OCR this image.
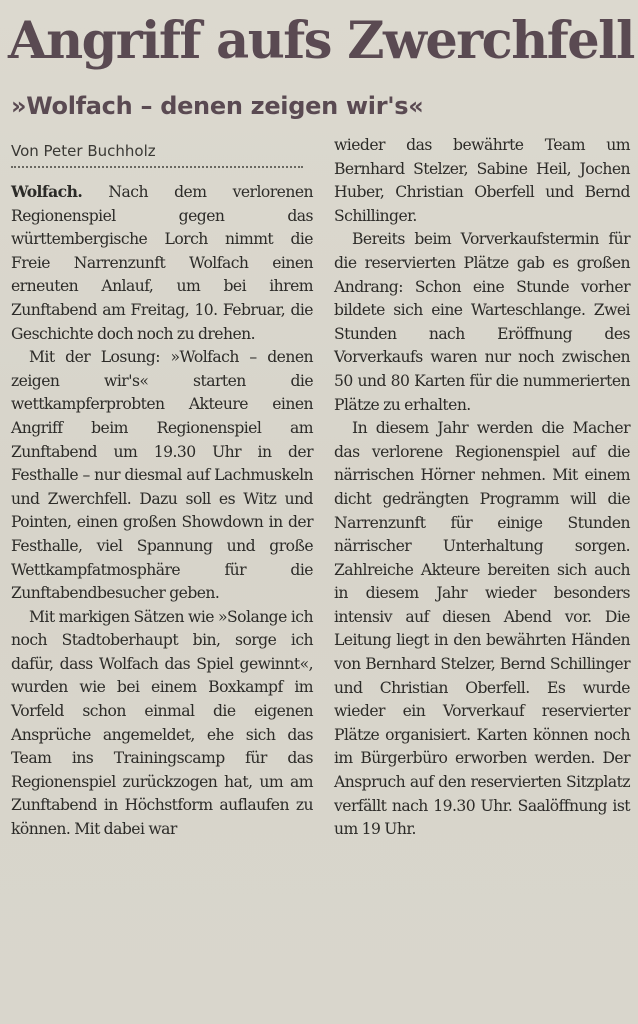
Angriff aufs Zwerchfell
»Wolfach – denen zeigen wir's«
Von Peter Buchholz

Wolfach. Nach dem verlorenen Regionenspiel gegen das württembergische Lorch nimmt die Freie Narrenzunft Wolfach einen erneuten Anlauf, um bei ihrem Zunftabend am Freitag, 10. Februar, die Geschichte doch noch zu drehen.

Mit der Losung: »Wolfach – denen zeigen wir's« starten die wettkampferprobten Akteure einen Angriff beim Regionenspiel am Zunftabend um 19.30 Uhr in der Festhalle – nur diesmal auf Lachmuskeln und Zwerchfell. Dazu soll es Witz und Pointen, einen großen Showdown in der Festhalle, viel Spannung und große Wettkampfatmosphäre für die Zunftabendbesucher geben.

Mit markigen Sätzen wie »Solange ich noch Stadtoberhaupt bin, sorge ich dafür, dass Wolfach das Spiel gewinnt«, wurden wie bei einem Boxkampf im Vorfeld schon einmal die eigenen Ansprüche angemeldet, ehe sich das Team ins Trainingscamp für das Regionenspiel zurückzogen hat, um am Zunftabend in Höchstform auflaufen zu können. Mit dabei war

wieder das bewährte Team um Bernhard Stelzer, Sabine Heil, Jochen Huber, Christian Oberfell und Bernd Schillinger.

Bereits beim Vorverkaufstermin für die reservierten Plätze gab es großen Andrang: Schon eine Stunde vorher bildete sich eine Warteschlange. Zwei Stunden nach Eröffnung des Vorverkaufs waren nur noch zwischen 50 und 80 Karten für die nummerierten Plätze zu erhalten.

In diesem Jahr werden die Macher das verlorene Regionenspiel auf die närrischen Hörner nehmen. Mit einem dicht gedrängten Programm will die Narrenzunft für einige Stunden närrischer Unterhaltung sorgen. Zahlreiche Akteure bereiten sich auch in diesem Jahr wieder besonders intensiv auf diesen Abend vor. Die Leitung liegt in den bewährten Händen von Bernhard Stelzer, Bernd Schillinger und Christian Oberfell. Es wurde wieder ein Vorverkauf reservierter Plätze organisiert. Karten können noch im Bürgerbüro erworben werden. Der Anspruch auf den reservierten Sitzplatz verfällt nach 19.30 Uhr. Saalöffnung ist um 19 Uhr.
